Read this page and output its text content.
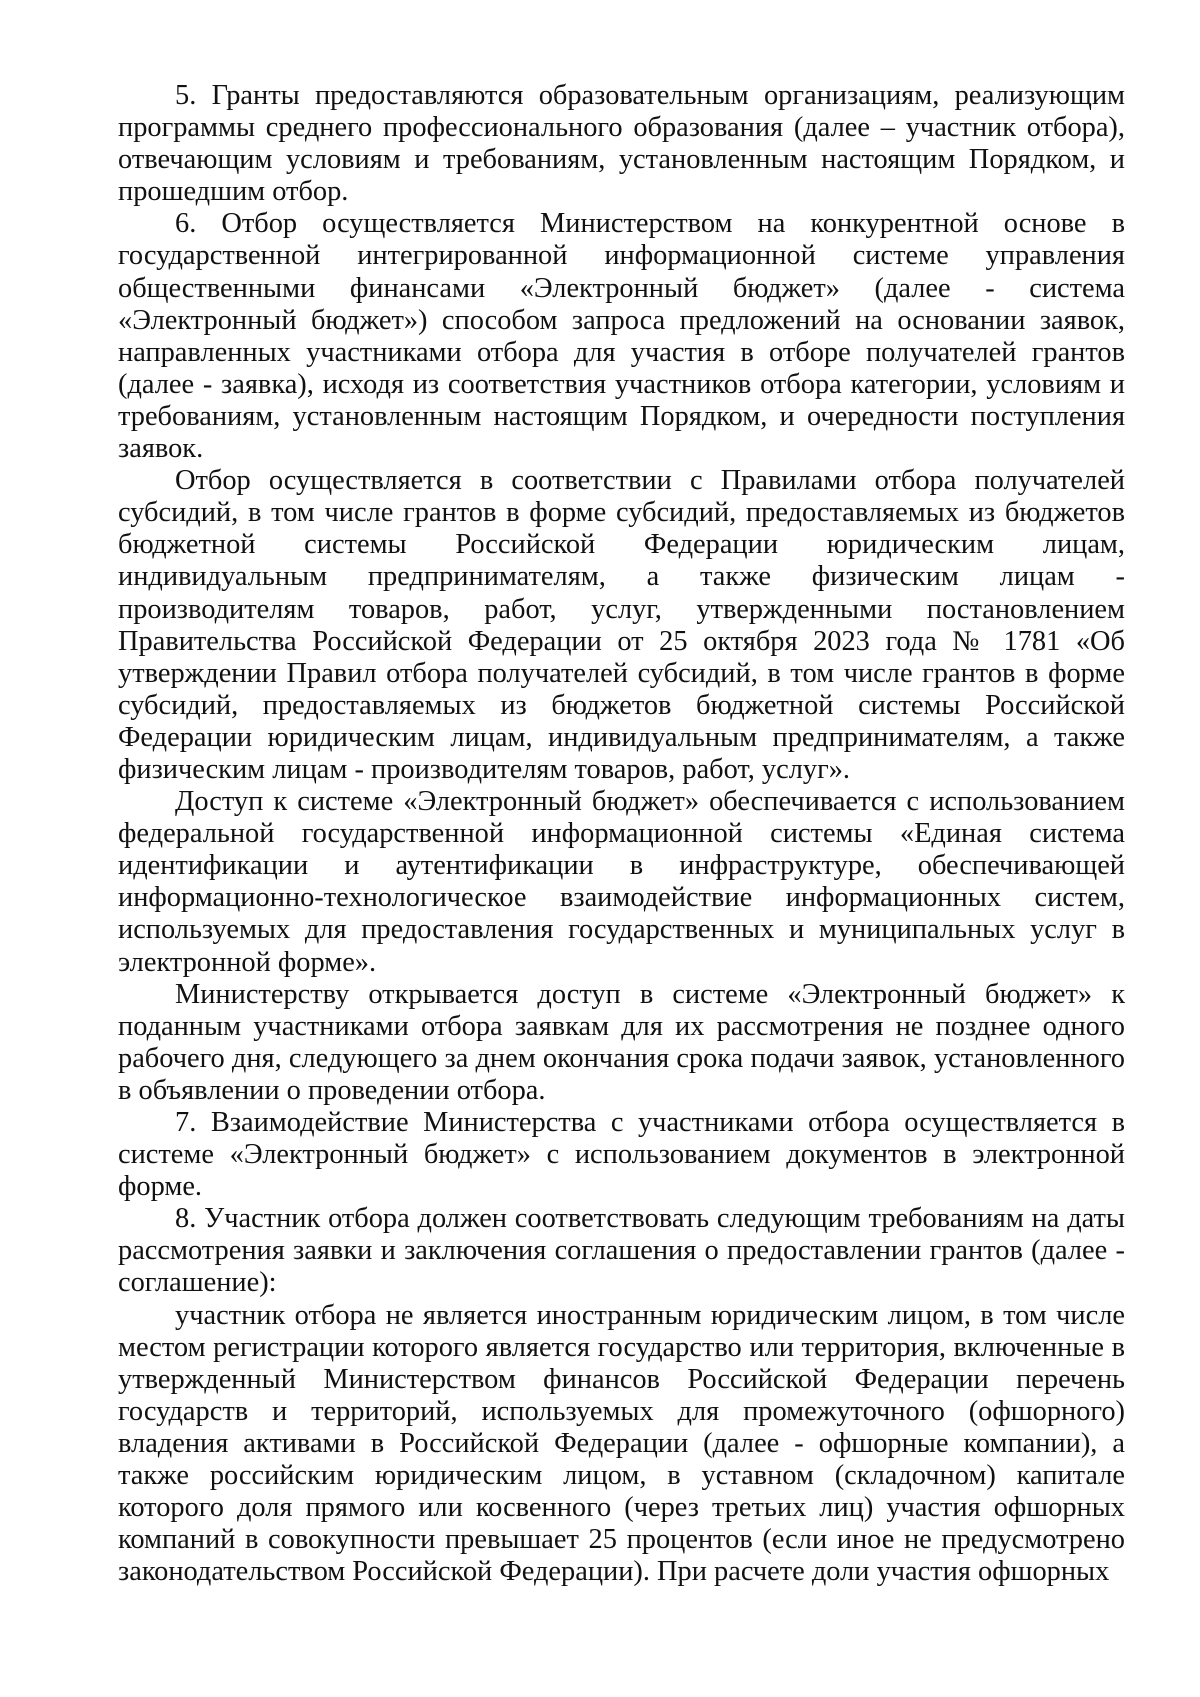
5. Гранты предоставляются образовательным организациям, реализующим программы среднего профессионального образования (далее – участник отбора), отвечающим условиям и требованиям, установленным настоящим Порядком, и прошедшим отбор.

6. Отбор осуществляется Министерством на конкурентной основе в государственной интегрированной информационной системе управления общественными финансами «Электронный бюджет» (далее - система «Электронный бюджет») способом запроса предложений на основании заявок, направленных участниками отбора для участия в отборе получателей грантов (далее - заявка), исходя из соответствия участников отбора категории, условиям и требованиям, установленным настоящим Порядком, и очередности поступления заявок.

Отбор осуществляется в соответствии с Правилами отбора получателей субсидий, в том числе грантов в форме субсидий, предоставляемых из бюджетов бюджетной системы Российской Федерации юридическим лицам, индивидуальным предпринимателям, а также физическим лицам - производителям товаров, работ, услуг, утвержденными постановлением Правительства Российской Федерации от 25 октября 2023 года № 1781 «Об утверждении Правил отбора получателей субсидий, в том числе грантов в форме субсидий, предоставляемых из бюджетов бюджетной системы Российской Федерации юридическим лицам, индивидуальным предпринимателям, а также физическим лицам - производителям товаров, работ, услуг».

Доступ к системе «Электронный бюджет» обеспечивается с использованием федеральной государственной информационной системы «Единая система идентификации и аутентификации в инфраструктуре, обеспечивающей информационно-технологическое взаимодействие информационных систем, используемых для предоставления государственных и муниципальных услуг в электронной форме».

Министерству открывается доступ в системе «Электронный бюджет» к поданным участниками отбора заявкам для их рассмотрения не позднее одного рабочего дня, следующего за днем окончания срока подачи заявок, установленного в объявлении о проведении отбора.

7. Взаимодействие Министерства с участниками отбора осуществляется в системе «Электронный бюджет» с использованием документов в электронной форме.

8. Участник отбора должен соответствовать следующим требованиям на даты рассмотрения заявки и заключения соглашения о предоставлении грантов (далее - соглашение):

участник отбора не является иностранным юридическим лицом, в том числе местом регистрации которого является государство или территория, включенные в утвержденный Министерством финансов Российской Федерации перечень государств и территорий, используемых для промежуточного (офшорного) владения активами в Российской Федерации (далее - офшорные компании), а также российским юридическим лицом, в уставном (складочном) капитале которого доля прямого или косвенного (через третьих лиц) участия офшорных компаний в совокупности превышает 25 процентов (если иное не предусмотрено законодательством Российской Федерации). При расчете доли участия офшорных
